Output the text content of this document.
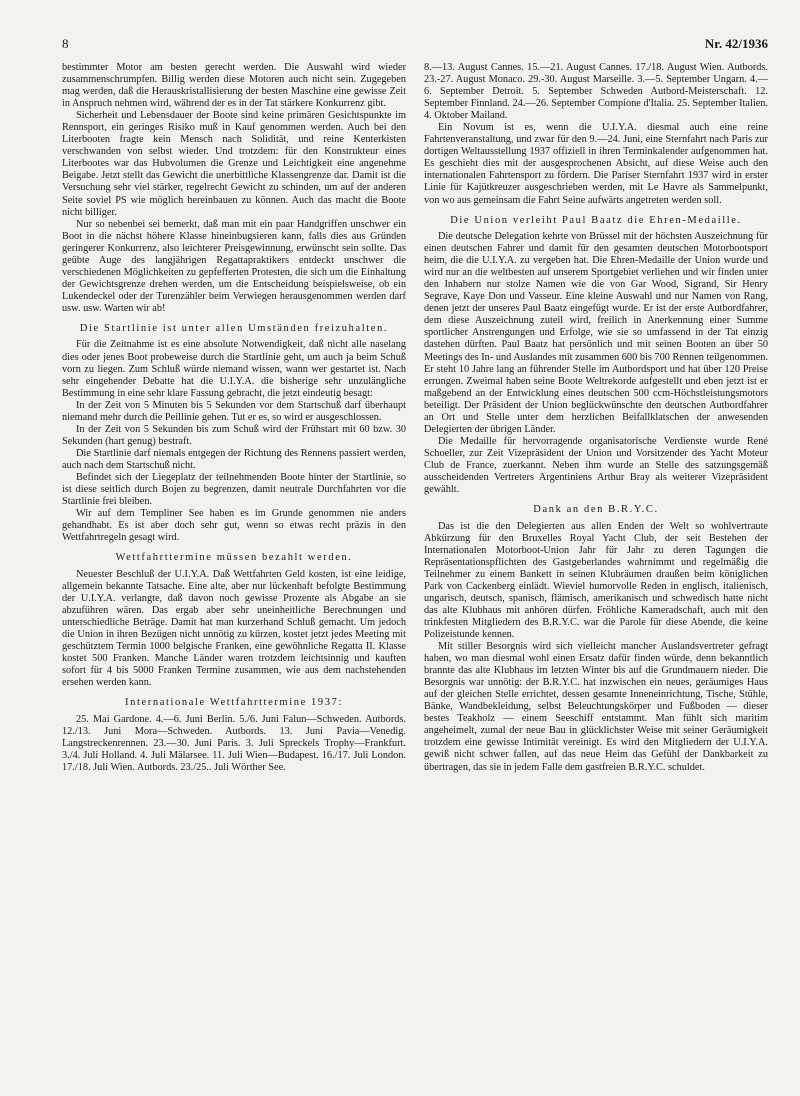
8	Nr. 42/1936

bestimmter Motor am besten gerecht werden. Die Auswahl wird wieder zusammenschrumpfen. Billig werden diese Motoren auch nicht sein. Zugegeben mag werden, daß die Herauskristallisierung der besten Maschine eine gewisse Zeit in Anspruch nehmen wird, während der es in der Tat stärkere Konkurrenz gibt.

Sicherheit und Lebensdauer der Boote sind keine primären Gesichtspunkte im Rennsport, ein geringes Risiko muß in Kauf genommen werden. Auch bei den Literbooten fragte kein Mensch nach Solidität, und reine Kenterkisten verschwanden von selbst wieder. Und trotzdem: für den Konstrukteur eines Literbootes war das Hubvolumen die Grenze und Leichtigkeit eine angenehme Beigabe. Jetzt stellt das Gewicht die unerbittliche Klassengrenze dar. Damit ist die Versuchung sehr viel stärker, regelrecht Gewicht zu schinden, um auf der anderen Seite soviel PS wie möglich hereinbauen zu können. Auch das macht die Boote nicht billiger.

Nur so nebenbei sei bemerkt, daß man mit ein paar Handgriffen unschwer ein Boot in die nächst höhere Klasse hineinbugsieren kann, falls dies aus Gründen geringerer Konkurrenz, also leichterer Preisgewinnung, erwünscht sein sollte. Das geübte Auge des langjährigen Regattapraktikers entdeckt unschwer die verschiedenen Möglichkeiten zu gepfefferten Protesten, die sich um die Einhaltung der Gewichtsgrenze drehen werden, um die Entscheidung beispielsweise, ob ein Lukendeckel oder der Turenzähler beim Verwiegen herausgenommen werden darf usw. usw. Warten wir ab!

Die Startlinie ist unter allen Umständen freizuhalten.

Für die Zeitnahme ist es eine absolute Notwendigkeit, daß nicht alle naselang dies oder jenes Boot probeweise durch die Startlinie geht, um auch ja beim Schuß vorn zu liegen. Zum Schluß würde niemand wissen, wann wer gestartet ist. Nach sehr eingehender Debatte hat die U.I.Y.A. die bisherige sehr unzulängliche Bestimmung in eine sehr klare Fassung gebracht, die jetzt eindeutig besagt:

In der Zeit von 5 Minuten bis 5 Sekunden vor dem Startschuß darf überhaupt niemand mehr durch die Peillinie gehen. Tut er es, so wird er ausgeschlossen.

In der Zeit von 5 Sekunden bis zum Schuß wird der Frühstart mit 60 bzw. 30 Sekunden (hart genug) bestraft.

Die Startlinie darf niemals entgegen der Richtung des Rennens passiert werden, auch nach dem Startschuß nicht.

Befindet sich der Liegeplatz der teilnehmenden Boote hinter der Startlinie, so ist diese seitlich durch Bojen zu begrenzen, damit neutrale Durchfahrten vor die Startlinie frei bleiben.

Wir auf dem Templiner See haben es im Grunde genommen nie anders gehandhabt. Es ist aber doch sehr gut, wenn so etwas recht präzis in den Wettfahrtregeln gesagt wird.

Wettfahrttermine müssen bezahlt werden.

Neuester Beschluß der U.I.Y.A. Daß Wettfahrten Geld kosten, ist eine leidige, allgemein bekannte Tatsache. Eine alte, aber nur lückenhaft befolgte Bestimmung der U.I.Y.A. verlangte, daß davon noch gewisse Prozente als Abgabe an sie abzuführen wären. Das ergab aber sehr uneinheitliche Berechnungen und unterschiedliche Beträge. Damit hat man kurzerhand Schluß gemacht. Um jedoch die Union in ihren Bezügen nicht unnötig zu kürzen, kostet jetzt jedes Meeting mit geschütztem Termin 1000 belgische Franken, eine gewöhnliche Regatta II. Klasse kostet 500 Franken. Manche Länder waren trotzdem leichtsinnig und kauften sofort für 4 bis 5000 Franken Termine zusammen, wie aus dem nachstehenden ersehen werden kann.

Internationale Wettfahrttermine 1937:

25. Mai Gardone. 4.—6. Juni Berlin. 5./6. Juni Falun—Schweden. Autbords. 12./13. Juni Mora—Schweden. Autbords. 13. Juni Pavia—Venedig. Langstreckenrennen. 23.—30. Juni Paris. 3. Juli Spreckels Trophy—Frankfurt. 3./4. Juli Holland. 4. Juli Mälarsee. 11. Juli Wien—Budapest. 16./17. Juli London. 17./18. Juli Wien. Autbords. 23./25.. Juli Wörther See.

8.—13. August Cannes. 15.—21. August Cannes. 17./18. August Wien. Autbords. 23.-27. August Monaco. 29.-30. August Marseille. 3.—5. September Ungarn. 4.—6. September Detroit. 5. September Schweden Autbord-Meisterschaft. 12. September Finnland. 24.—26. September Compione d'Italia. 25. September Italien. 4. Oktober Mailand.

Ein Novum ist es, wenn die U.I.Y.A. diesmal auch eine reine Fahrtenveranstaltung, und zwar für den 9.—24. Juni, eine Sternfahrt nach Paris zur dortigen Weltausstellung 1937 offiziell in ihren Terminkalender aufgenommen hat. Es geschieht dies mit der ausgesprochenen Absicht, auf diese Weise auch den internationalen Fahrtensport zu fördern. Die Pariser Sternfahrt 1937 wird in erster Linie für Kajütkreuzer ausgeschrieben werden, mit Le Havre als Sammelpunkt, von wo aus gemeinsam die Fahrt Seine aufwärts angetreten werden soll.

Die Union verleiht Paul Baatz die Ehren-Medaille.

Die deutsche Delegation kehrte von Brüssel mit der höchsten Auszeichnung für einen deutschen Fahrer und damit für den gesamten deutschen Motorbootsport heim, die die U.I.Y.A. zu vergeben hat. Die Ehren-Medaille der Union wurde und wird nur an die weltbesten auf unserem Sportgebiet verliehen und wir finden unter den Inhabern nur stolze Namen wie die von Gar Wood, Sigrand, Sir Henry Segrave, Kaye Don und Vasseur. Eine kleine Auswahl und nur Namen von Rang, denen jetzt der unseres Paul Baatz eingefügt wurde. Er ist der erste Autbordfahrer, dem diese Auszeichnung zuteil wird, freilich in Anerkennung einer Summe sportlicher Anstrengungen und Erfolge, wie sie so umfassend in der Tat einzig dastehen dürften. Paul Baatz hat persönlich und mit seinen Booten an über 50 Meetings des In- und Auslandes mit zusammen 600 bis 700 Rennen teilgenommen. Er steht 10 Jahre lang an führender Stelle im Autbordsport und hat über 120 Preise errungen. Zweimal haben seine Boote Weltrekorde aufgestellt und eben jetzt ist er maßgebend an der Entwicklung eines deutschen 500 ccm-Höchstleistungsmotors beteiligt. Der Präsident der Union beglückwünschte den deutschen Autbordfahrer an Ort und Stelle unter dem herzlichen Beifallklatschen der anwesenden Delegierten der übrigen Länder.

Die Medaille für hervorragende organisatorische Verdienste wurde René Schoeller, zur Zeit Vizepräsident der Union und Vorsitzender des Yacht Moteur Club de France, zuerkannt. Neben ihm wurde an Stelle des satzungsgemäß ausscheidenden Vertreters Argentiniens Arthur Bray als weiterer Vizepräsident gewählt.

Dank an den B.R.Y.C.

Das ist die den Delegierten aus allen Enden der Welt so wohlvertraute Abkürzung für den Bruxelles Royal Yacht Club, der seit Bestehen der Internationalen Motorboot-Union Jahr für Jahr zu deren Tagungen die Repräsentationspflichten des Gastgeberlandes wahrnimmt und regelmäßig die Teilnehmer zu einem Bankett in seinen Klubräumen draußen beim königlichen Park von Cackenberg einlädt. Wieviel humorvolle Reden in englisch, italienisch, ungarisch, deutsch, spanisch, flämisch, amerikanisch und schwedisch hatte nicht das alte Klubhaus mit anhören dürfen. Fröhliche Kameradschaft, auch mit den trinkfesten Mitgliedern des B.R.Y.C. war die Parole für diese Abende, die keine Polizeistunde kennen.

Mit stiller Besorgnis wird sich vielleicht mancher Auslandsvertreter gefragt haben, wo man diesmal wohl einen Ersatz dafür finden würde, denn bekanntlich brannte das alte Klubhaus im letzten Winter bis auf die Grundmauern nieder. Die Besorgnis war unnötig: der B.R.Y.C. hat inzwischen ein neues, geräumiges Haus auf der gleichen Stelle errichtet, dessen gesamte Inneneinrichtung, Tische, Stühle, Bänke, Wandbekleidung, selbst Beleuchtungskörper und Fußboden — dieser bestes Teakholz — einem Seeschiff entstammt. Man fühlt sich maritim angeheimelt, zumal der neue Bau in glücklichster Weise mit seiner Geräumigkeit trotzdem eine gewisse Intimität vereinigt. Es wird den Mitgliedern der U.I.Y.A. gewiß nicht schwer fallen, auf das neue Heim das Gefühl der Dankbarkeit zu übertragen, das sie in jedem Falle dem gastfreien B.R.Y.C. schuldet.
